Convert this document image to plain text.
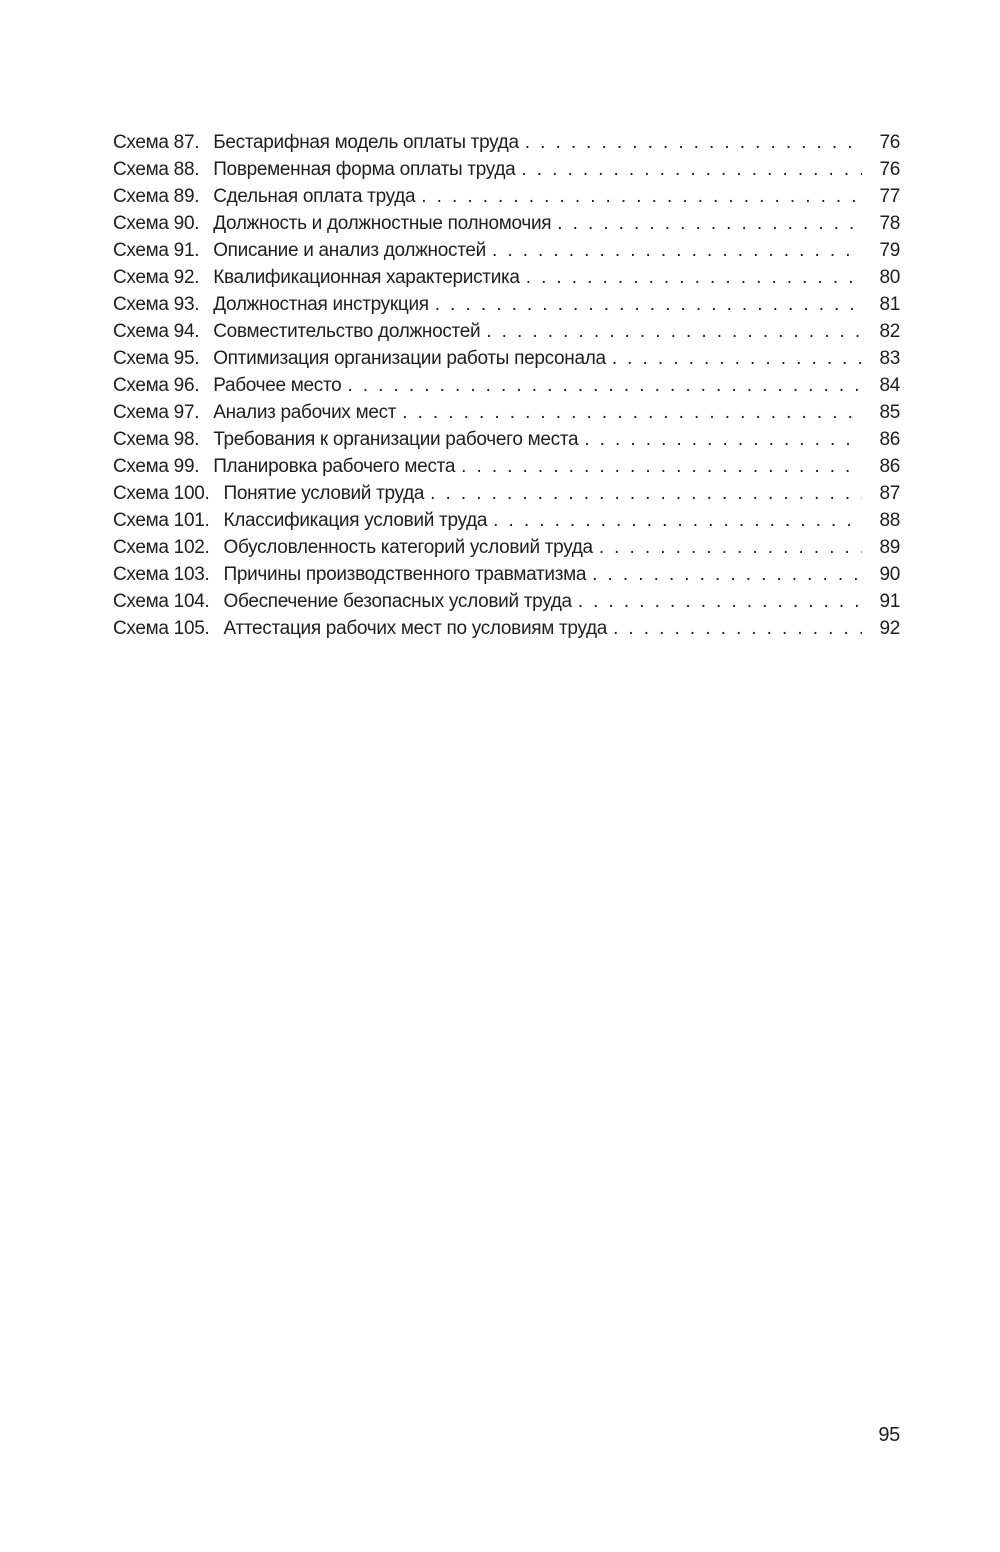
Схема 87. Бестарифная модель оплаты труда . . .	76
Схема 88. Повременная форма оплаты труда . . .	76
Схема 89. Сдельная оплата труда . . .	77
Схема 90. Должность и должностные полномочия . . .	78
Схема 91. Описание и анализ должностей . . .	79
Схема 92. Квалификационная характеристика . . .	80
Схема 93. Должностная инструкция . . .	81
Схема 94. Совместительство должностей . . .	82
Схема 95. Оптимизация организации работы персонала . . .	83
Схема 96. Рабочее место . . .	84
Схема 97. Анализ рабочих мест . . .	85
Схема 98. Требования к организации рабочего места . . .	86
Схема 99. Планировка рабочего места . . .	86
Схема 100. Понятие условий труда . . .	87
Схема 101. Классификация условий труда . . .	88
Схема 102. Обусловленность категорий условий труда . . .	89
Схема 103. Причины производственного травматизма . . .	90
Схема 104. Обеспечение безопасных условий труда . . .	91
Схема 105. Аттестация рабочих мест по условиям труда . . .	92
95
